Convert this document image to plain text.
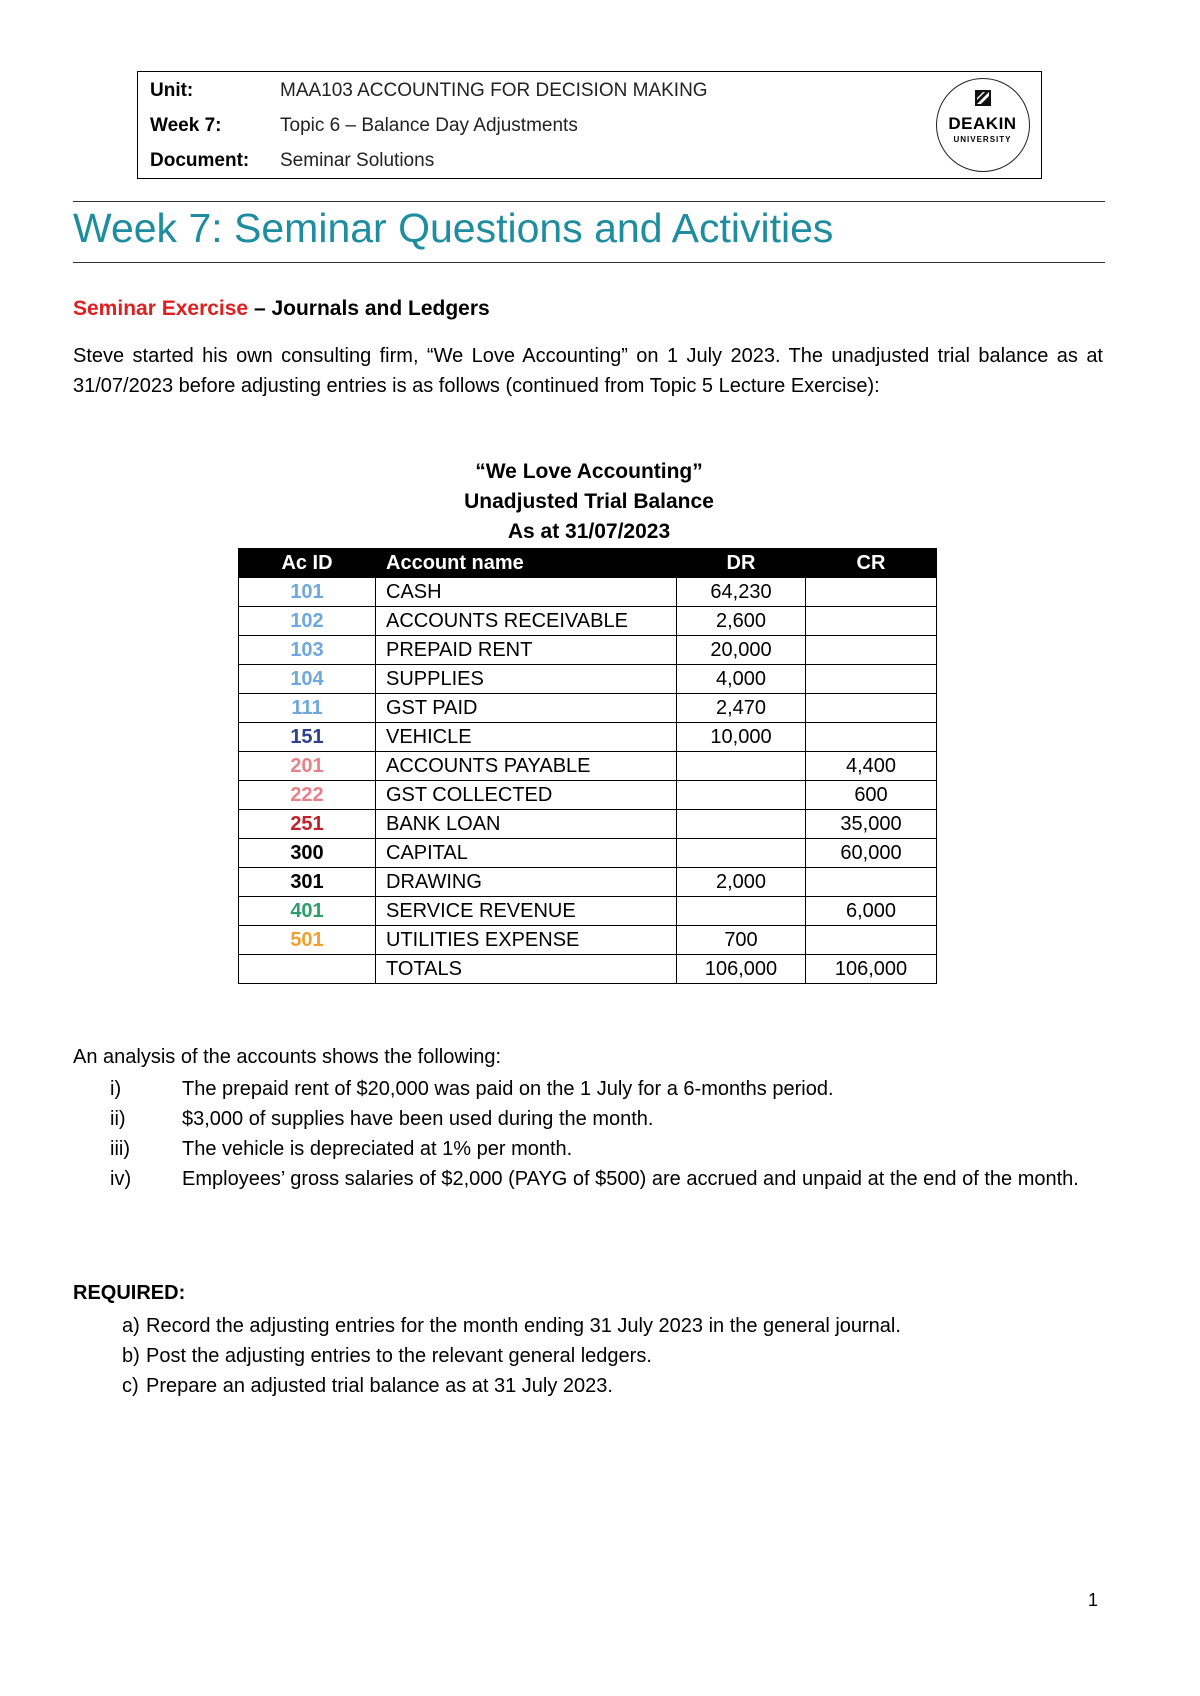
Unit:	MAA103 ACCOUNTING FOR DECISION MAKING
Week 7:	Topic 6 – Balance Day Adjustments
Document: Seminar Solutions
DEAKIN
UNIVERSITY
Week 7: Seminar Questions and Activities
Seminar Exercise – Journals and Ledgers

Steve started his own consulting firm, “We Love Accounting” on 1 July 2023. The unadjusted trial balance as at 31/07/2023 before adjusting entries is as follows (continued from Topic 5 Lecture Exercise):

“We Love Accounting”
Unadjusted Trial Balance
As at 31/07/2023
Ac ID	Account name	DR	CR
101	CASH	64,230	
102	ACCOUNTS RECEIVABLE	2,600	
103	PREPAID RENT	20,000	
104	SUPPLIES	4,000	
111	GST PAID	2,470	
151	VEHICLE	10,000	
201	ACCOUNTS PAYABLE		4,400
222	GST COLLECTED		600
251	BANK LOAN		35,000
300	CAPITAL		60,000
301	DRAWING	2,000	
401	SERVICE REVENUE		6,000
501	UTILITIES EXPENSE	700	
	TOTALS	106,000	106,000
An analysis of the accounts shows the following:
i)	The prepaid rent of $20,000 was paid on the 1 July for a 6-months period.
ii)	$3,000 of supplies have been used during the month.
iii)	The vehicle is depreciated at 1% per month.
iv)	Employees’ gross salaries of $2,000 (PAYG of $500) are accrued and unpaid at the end of the month.
REQUIRED:
a) Record the adjusting entries for the month ending 31 July 2023 in the general journal.
b) Post the adjusting entries to the relevant general ledgers.
c) Prepare an adjusted trial balance as at 31 July 2023.
1
